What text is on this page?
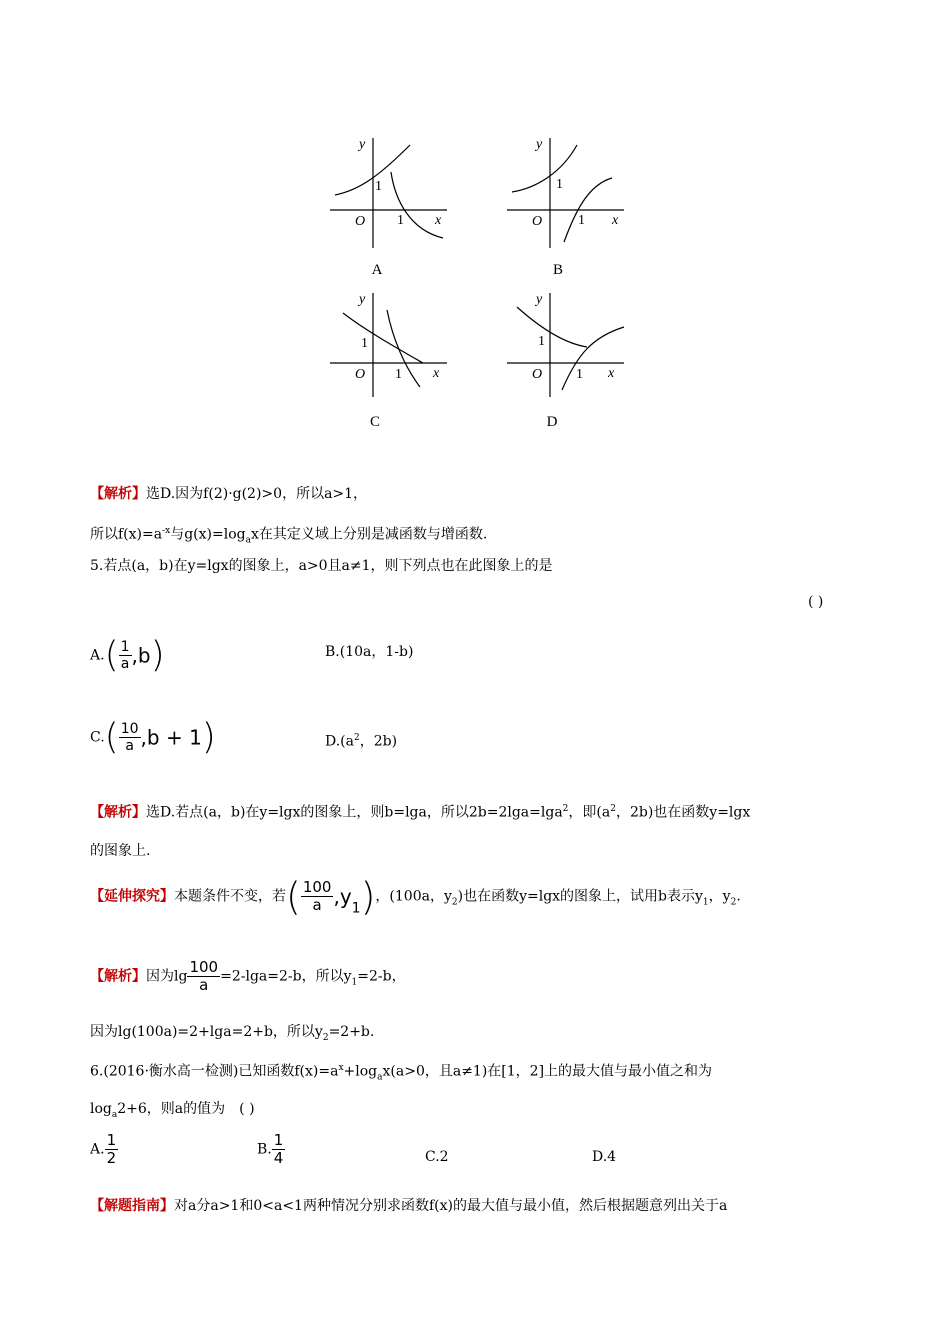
y
x
O
1
1
A
y
x
O
1
1
B
y
x
O
1
1
C
y
x
O
1
1
D
【解析】选D.因为f(2)·g(2)>0，所以a>1，
所以$f(x)=a^{-x}$与$g(x)=\log_ax$在其定义域上分别是减函数与增函数.
5.若点(a，b)在y=lgx的图象上，a>0且a≠1，则下列点也在此图象上的是
( )
$A.( \frac{1}{a} ,b)$	B.(10a，1-b)
$C.( \frac{10}{a} ,b + 1)$	$D.(a^2$，2b)
【解析】选D.若点(a，b)在y=lgx的图象上，则b=lga，所以2b=2lga=lga$^2$，即($a^2$，2b)也在函数y=lgx
的图象上.
【延伸探究】本题条件不变，若( $\frac{100}{a} ,y_1$)，(100a，$y_2$)也在函数y=lgx的图象上，试用b表示$y_1$，$y_2$.
【解析】因为$\lg \frac{100}{a} =2-\lg a=2-b$，所以$y_1=2-b$，
因为lg(100a)=2+lga=2+b，所以$y_2=2+b$.
6.(2016·衡水高一检测)已知函数$f(x)=a^x+\log_ax(a>0$，且a≠1)在[1，2]上的最大值与最小值之和为
$\log_a2+6$，则a的值为 ( )
A. $\frac{1}{2}$	B. $\frac{1}{4}$	C.2	D.4
【解题指南】对a分a>1和0<a<1两种情况分别求函数f(x)的最大值与最小值，然后根据题意列出关于a
